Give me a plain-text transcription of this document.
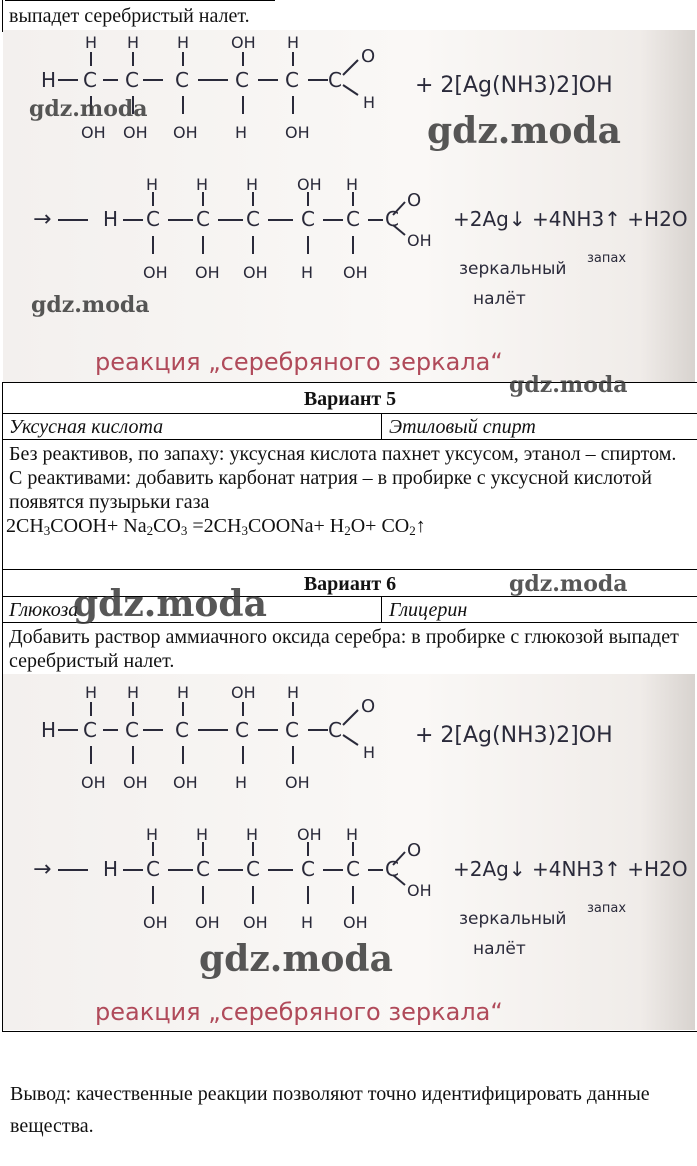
выпадет серебристый налет.
H C C C C C C
H H H	OH H
O
H
OH OH OH H OH
+ 2[Ag(NH3)2]OH
→	H C C C C C C
H H H OH H
O
OH
OH OH OH H OH
+2Ag↓ +4NH3↑ +H2O
зеркальный
налёт
запах
реакция „серебряного зеркала“
gdz.moda
gdz.moda
gdz.moda
Вариант 5
Уксусная кислота	Этиловый спирт
Без реактивов, по запаху: уксусная кислота пахнет уксусом, этанол – спиртом.
С реактивами: добавить карбонат натрия – в пробирке с уксусной кислотой появятся пузырьки газа
$2CH_3COOH+ Na_2CO_3$ $=2CH_3COONa+ H_2O+$ $CO_2↑$
gdz.moda
Вариант 6
Глюкоза	Глицерин
Добавить раствор аммиачного оксида серебра: в пробирке с глюкозой выпадет серебристый налет.
gdz.moda
gdz.moda
H C C C C C C
H H H	OH H
O
H
OH OH OH H OH
+ 2[Ag(NH3)2]OH
→	H C C C C C C
H H H OH H
O
OH
OH OH OH H OH
+2Ag↓ +4NH3↑ +H2O
зеркальный
налёт
запах
реакция „серебряного зеркала“
gdz.moda
Вывод: качественные реакции позволяют точно идентифицировать данные вещества.
